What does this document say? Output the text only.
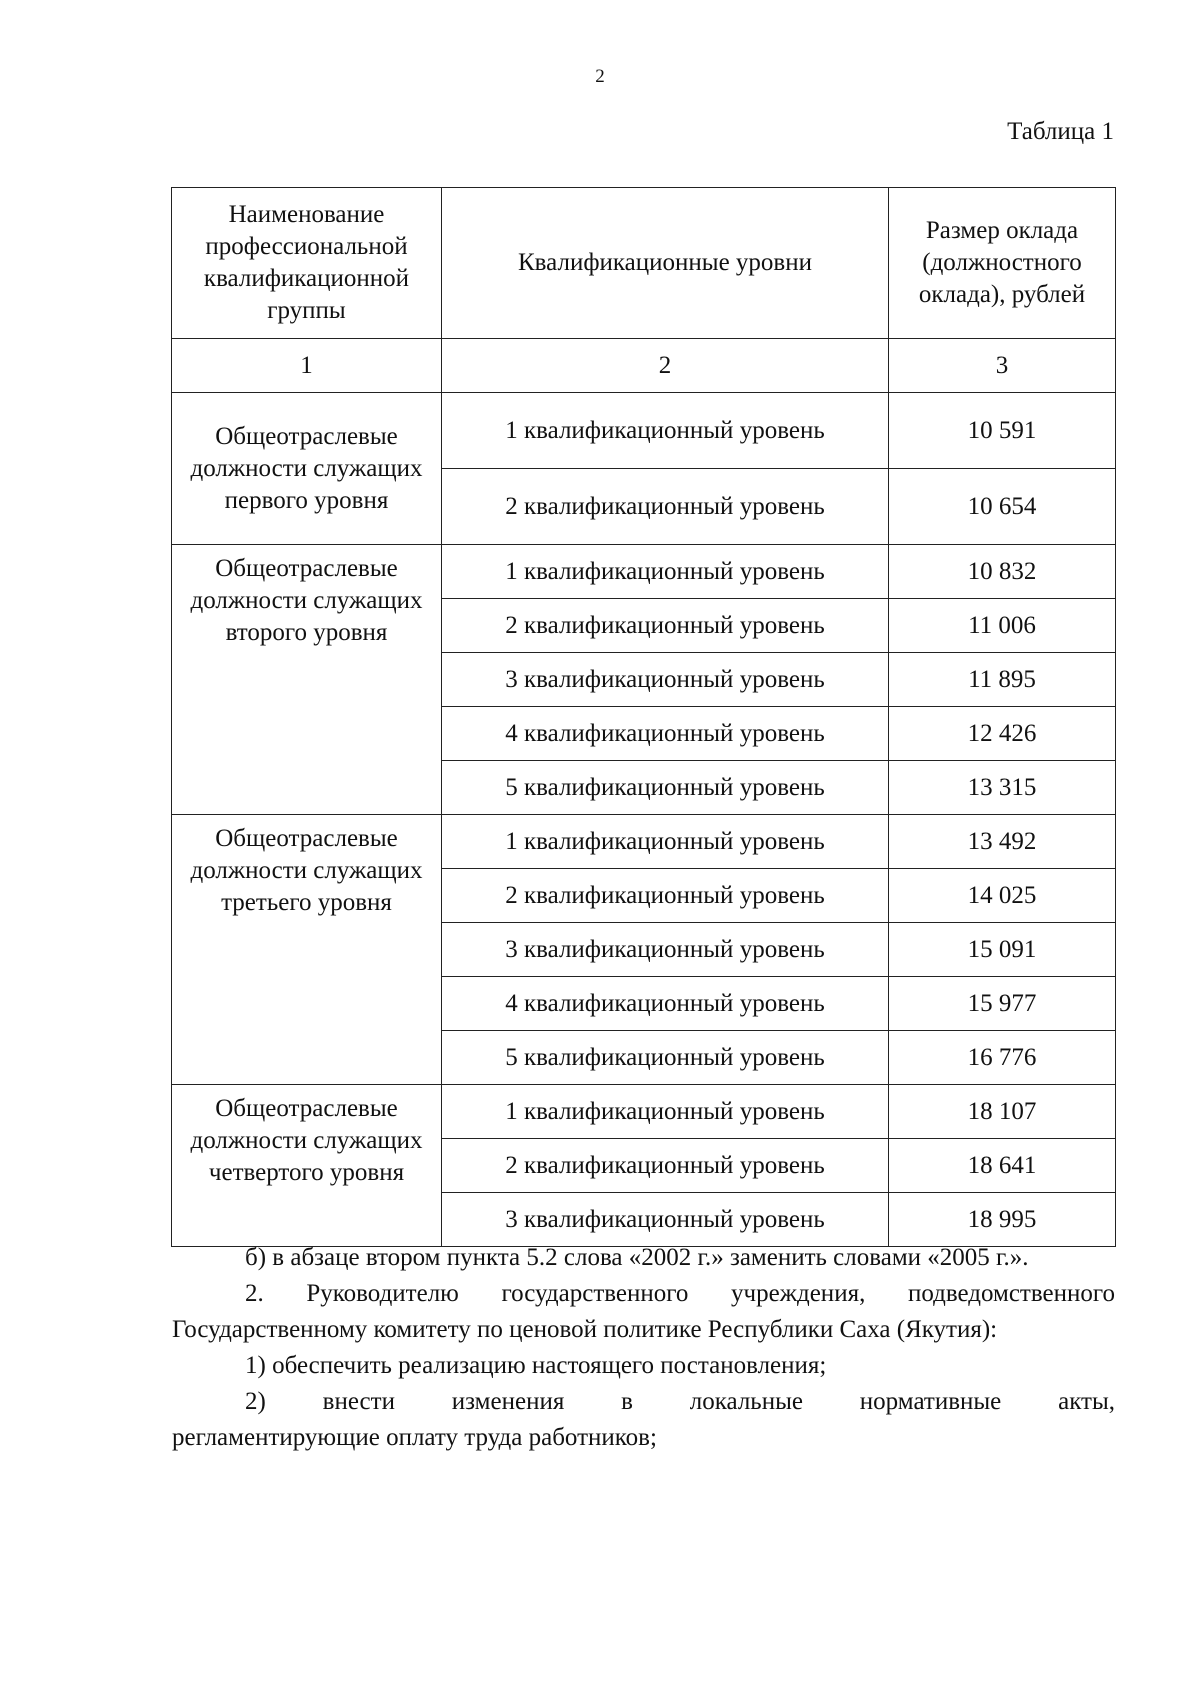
2
Таблица 1
Наименование профессиональной квалификационной группы	Квалификационные уровни	Размер оклада (должностного оклада), рублей
1	2	3
Общеотраслевые должности служащих первого уровня	1 квалификационный уровень	10 591
	2 квалификационный уровень	10 654
Общеотраслевые должности служащих второго уровня	1 квалификационный уровень	10 832
	2 квалификационный уровень	11 006
	3 квалификационный уровень	11 895
	4 квалификационный уровень	12 426
	5 квалификационный уровень	13 315
Общеотраслевые должности служащих третьего уровня	1 квалификационный уровень	13 492
	2 квалификационный уровень	14 025
	3 квалификационный уровень	15 091
	4 квалификационный уровень	15 977
	5 квалификационный уровень	16 776
Общеотраслевые должности служащих четвертого уровня	1 квалификационный уровень	18 107
	2 квалификационный уровень	18 641
	3 квалификационный уровень	18 995

б) в абзаце втором пункта 5.2 слова «2002 г.» заменить словами «2005 г.».

2. Руководителю государственного учреждения, подведомственного Государственному комитету по ценовой политике Республики Саха (Якутия):

1) обеспечить реализацию настоящего постановления;

2) внести изменения в локальные нормативные акты,

регламентирующие оплату труда работников;
